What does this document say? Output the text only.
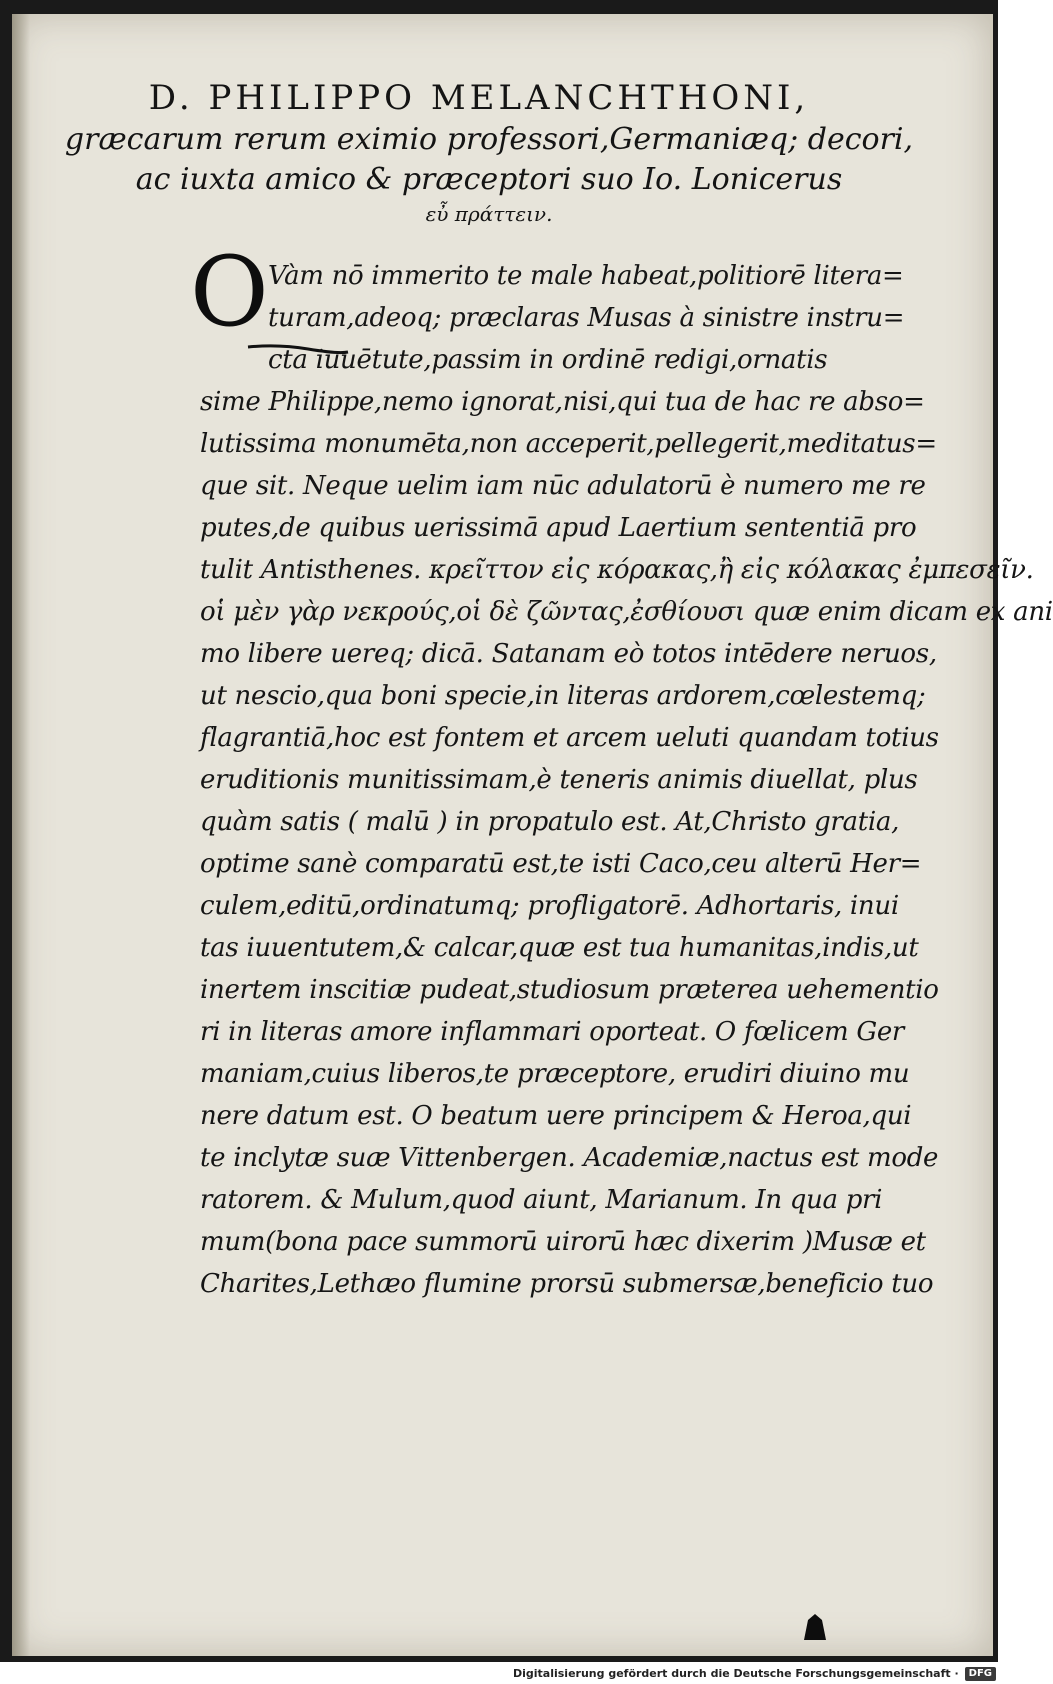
D. PHILIPPO MELANCHTHONI,
græcarum rerum eximio professori,Germaniæq; decori,
ac iuxta amico & præceptori suo Io. Lonicerus
εὖ πράττειν.
O Vàm nō immerito te male habeat,politiorē litera=
turam,adeoq; præclaras Musas à sinistre instru=
cta iuuētute,passim in ordinē redigi,ornatis
sime Philippe,nemo ignorat,nisi,qui tua de hac re abso=
lutissima monumēta,non acceperit,pellegerit,meditatus=
que sit. Neque uelim iam nūc adulatorū è numero me re
putes,de quibus uerissimā apud Laertium sententiā pro
tulit Antisthenes. κρεῖττον εἰς κόρακας,ἢ εἰς κόλακας ἐμπεσεῖν.
οἱ μὲν γὰρ νεκρούς,οἱ δὲ ζῶντας,ἐσθίουσι quæ enim dicam ex ani
mo libere uereq; dicā. Satanam eò totos intēdere neruos,
ut nescio,qua boni specie,in literas ardorem,cœlestemq;
flagrantiā,hoc est fontem et arcem ueluti quandam totius
eruditionis munitissimam,è teneris animis diuellat, plus
quàm satis ( malū ) in propatulo est. At,Christo gratia,
optime sanè comparatū est,te isti Caco,ceu alterū Her=
culem,editū,ordinatumq; profligatorē. Adhortaris, inui
tas iuuentutem,& calcar,quæ est tua humanitas,indis,ut
inertem inscitiæ pudeat,studiosum præterea uehementio
ri in literas amore inflammari oporteat. O fœlicem Ger
maniam,cuius liberos,te præceptore, erudiri diuino mu
nere datum est. O beatum uere principem & Heroa,qui
te inclytæ suæ Vittenbergen. Academiæ,nactus est mode
ratorem. & Mulum,quod aiunt, Marianum. In qua pri
mum(bona pace summorū uirorū hæc dixerim )Musæ et
Charites,Lethæo flumine prorsū submersæ,beneficio tuo
Digitalisierung gefördert durch die Deutsche Forschungsgemeinschaft · DFG
